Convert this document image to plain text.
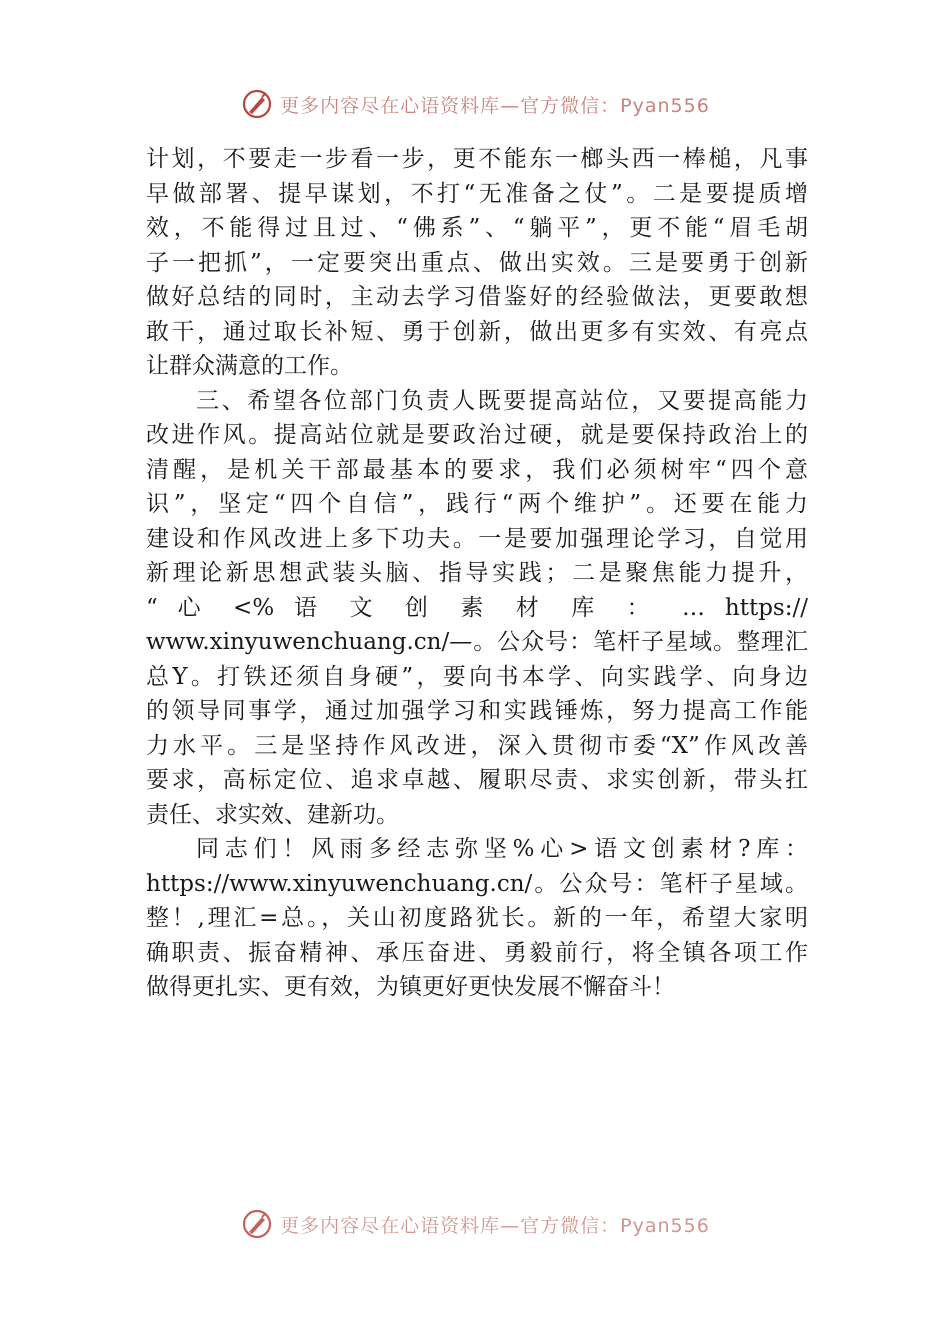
更多内容尽在心语资料库—官方微信：Pyan556
计划，不要走一步看一步，更不能东一榔头西一棒槌，凡事
早做部署、提早谋划，不打“无准备之仗”。二是要提质增
效，不能得过且过、“佛系”、“躺平”，更不能“眉毛胡
子一把抓”，一定要突出重点、做出实效。三是要勇于创新
做好总结的同时，主动去学习借鉴好的经验做法，更要敢想
敢干，通过取长补短、勇于创新，做出更多有实效、有亮点
让群众满意的工作。
三、希望各位部门负责人既要提高站位，又要提高能力
改进作风。提高站位就是要政治过硬，就是要保持政治上的
清醒，是机关干部最基本的要求，我们必须树牢“四个意
识”，坚定“四个自信”，践行“两个维护”。还要在能力
建设和作风改进上多下功夫。一是要加强理论学习，自觉用
新理论新思想武装头脑、指导实践；二是聚焦能力提升，
“ 心 <% 语 文 创 素 材 库 ： … https://
www.xinyuwenchuang.cn/—。公众号：笔杆子星域。整理汇
总Y。打铁还须自身硬”，要向书本学、向实践学、向身边
的领导同事学，通过加强学习和实践锤炼，努力提高工作能
力水平。三是坚持作风改进，深入贯彻市委“X”作风改善
要求，高标定位、追求卓越、履职尽责、求实创新，带头扛
责任、求实效、建新功。
同志们！风雨多经志弥坚%心>语文创素材?库：
https://www.xinyuwenchuang.cn/。公众号：笔杆子星域。
整！,理汇=总。，关山初度路犹长。新的一年，希望大家明
确职责、振奋精神、承压奋进、勇毅前行，将全镇各项工作
做得更扎实、更有效，为镇更好更快发展不懈奋斗！
更多内容尽在心语资料库—官方微信：Pyan556
